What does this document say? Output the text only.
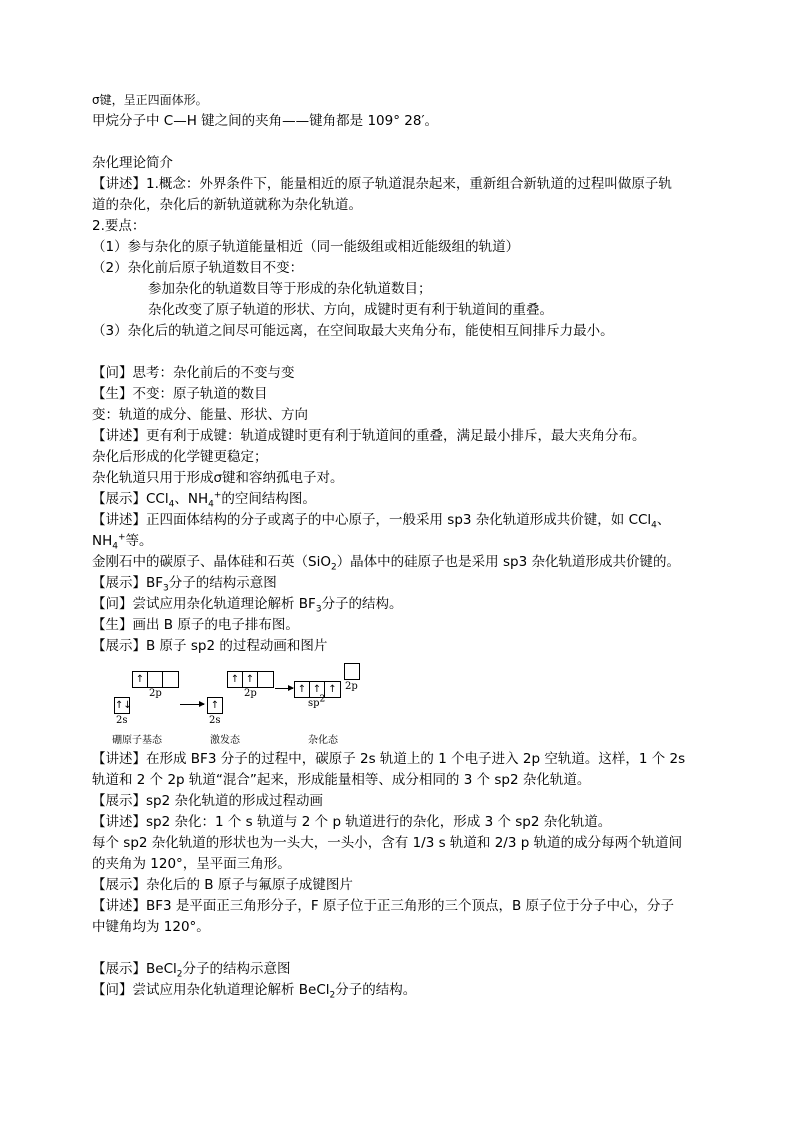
σ键，呈正四面体形。
甲烷分子中 C—H 键之间的夹角——键角都是 109° 28′。
杂化理论简介
【讲述】1.概念：外界条件下，能量相近的原子轨道混杂起来，重新组合新轨道的过程叫做原子轨
道的杂化，杂化后的新轨道就称为杂化轨道。
2.要点：
（1）参与杂化的原子轨道能量相近（同一能级组或相近能级组的轨道）
（2）杂化前后原子轨道数目不变：
参加杂化的轨道数目等于形成的杂化轨道数目；
杂化改变了原子轨道的形状、方向，成键时更有利于轨道间的重叠。
（3）杂化后的轨道之间尽可能远离，在空间取最大夹角分布，能使相互间排斥力最小。
【问】思考：杂化前后的不变与变
【生】不变：原子轨道的数目
变：轨道的成分、能量、形状、方向
【讲述】更有利于成键：轨道成键时更有利于轨道间的重叠，满足最小排斥，最大夹角分布。
杂化后形成的化学键更稳定；
杂化轨道只用于形成σ键和容纳孤电子对。
【展示】CCl$_4$、$NH_4^+$的空间结构图。
【讲述】正四面体结构的分子或离子的中心原子，一般采用 sp3 杂化轨道形成共价键，如 CCl$_4$、
$NH_4^+$等。
金刚石中的碳原子、晶体硅和石英（SiO$_2$）晶体中的硅原子也是采用 sp3 杂化轨道形成共价键的。
【展示】$BF_3$分子的结构示意图
【问】尝试应用杂化轨道理论解析 $BF_3$分子的结构。
【生】画出 B 原子的电子排布图。
【展示】B 原子 sp2 的过程动画和图片
↑↓
2s
↑
2p
硼原子基态
↑
2s
↑ ↑
2p
激发态
↑ ↑ ↑
$sp^2$
2p
杂化态
【讲述】在形成 BF3 分子的过程中，碳原子 2s 轨道上的 1 个电子进入 2p 空轨道。这样，1 个 2s
轨道和 2 个 2p 轨道“混合”起来，形成能量相等、成分相同的 3 个 sp2 杂化轨道。
【展示】sp2 杂化轨道的形成过程动画
【讲述】sp2 杂化：1 个 s 轨道与 2 个 p 轨道进行的杂化，形成 3 个 sp2 杂化轨道。
每个 sp2 杂化轨道的形状也为一头大，一头小，含有 1/3 s 轨道和 2/3 p 轨道的成分每两个轨道间
的夹角为 120°，呈平面三角形。
【展示】杂化后的 B 原子与氟原子成键图片
【讲述】BF3 是平面正三角形分子，F 原子位于正三角形的三个顶点，B 原子位于分子中心，分子
中键角均为 120°。
【展示】BeCl$_2$分子的结构示意图
【问】尝试应用杂化轨道理论解析 BeCl$_2$分子的结构。
